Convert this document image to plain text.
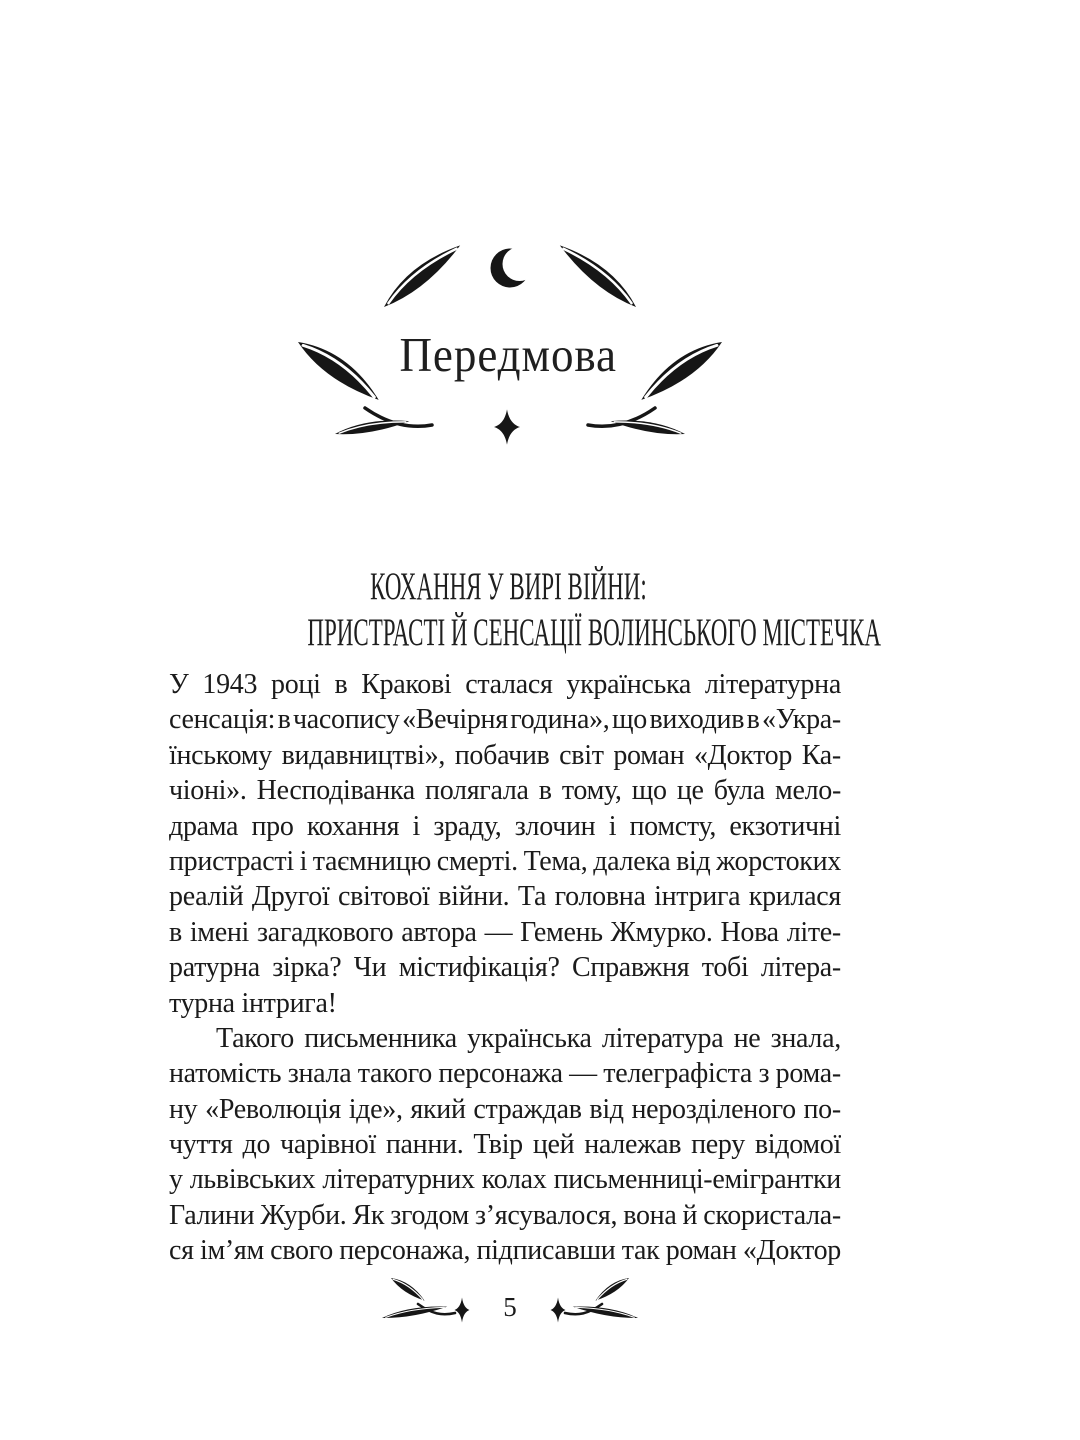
Передмова
КОХАННЯ У ВИРІ ВІЙНИ:
ПРИСТРАСТІ Й СЕНСАЦІЇ ВОЛИНСЬКОГО МІСТЕЧКА
У 1943 році в Кракові сталася українська літературна
сенсація: в часопису «Вечірня година», що виходив в «Укра-
їнському видавництві», побачив світ роман «Доктор Ка-
чіоні». Несподіванка полягала в тому, що це була мело-
драма про кохання і зраду, злочин і помсту, екзотичні
пристрасті і таємницю смерті. Тема, далека від жорстоких
реалій Другої світової війни. Та головна інтрига крилася
в імені загадкового автора — Гемень Жмурко. Нова літе-
ратурна зірка? Чи містифікація? Справжня тобі літера-
турна інтрига!
Такого письменника українська література не знала,
натомість знала такого персонажа — телеграфіста з рома-
ну «Революція іде», який страждав від нерозділеного по-
чуття до чарівної панни. Твір цей належав перу відомої
у львівських літературних колах письменниці-емігрантки
Галини Журби. Як згодом з’ясувалося, вона й скористала-
ся ім’ям свого персонажа, підписавши так роман «Доктор
5
